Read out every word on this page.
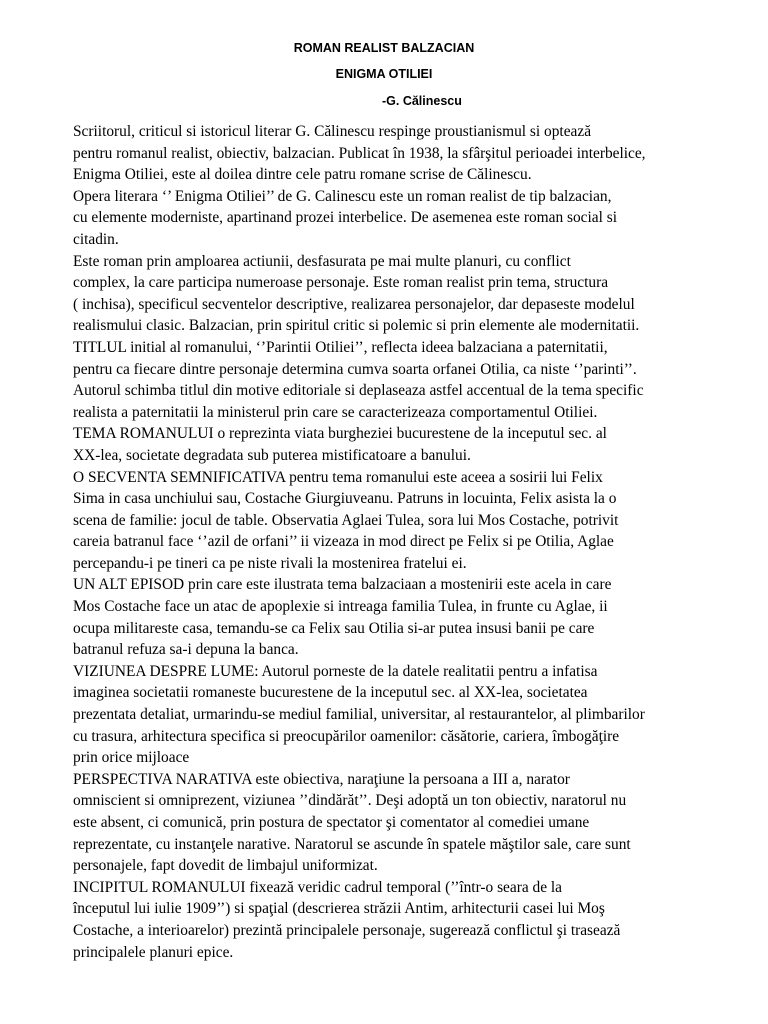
ROMAN REALIST BALZACIAN
ENIGMA OTILIEI
-G. Călinescu

Scriitorul, criticul si istoricul literar G. Călinescu respinge proustianismul si optează
pentru romanul realist, obiectiv, balzacian. Publicat în 1938, la sfârşitul perioadei interbelice,
Enigma Otiliei, este al doilea dintre cele patru romane scrise de Călinescu.

Opera literara ‘’ Enigma Otiliei’’ de G. Calinescu este un roman realist de tip balzacian,
cu elemente moderniste, apartinand prozei interbelice. De asemenea este roman social si
citadin.

Este roman prin amploarea actiunii, desfasurata pe mai multe planuri, cu conflict
complex, la care participa numeroase personaje. Este roman realist prin tema, structura
( inchisa), specificul secventelor descriptive, realizarea personajelor, dar depaseste modelul
realismului clasic. Balzacian, prin spiritul critic si polemic si prin elemente ale modernitatii.

TITLUL initial al romanului, ‘’Parintii Otiliei’’, reflecta ideea balzaciana a paternitatii,
pentru ca fiecare dintre personaje determina cumva soarta orfanei Otilia, ca niste ‘’parinti’’.
Autorul schimba titlul din motive editoriale si deplaseaza astfel accentual de la tema specific
realista a paternitatii la ministerul prin care se caracterizeaza comportamentul Otiliei.

TEMA ROMANULUI o reprezinta viata burgheziei bucurestene de la inceputul sec. al
XX-lea, societate degradata sub puterea mistificatoare a banului.

O SECVENTA SEMNIFICATIVA pentru tema romanului este aceea a sosirii lui Felix
Sima in casa unchiului sau, Costache Giurgiuveanu. Patruns in locuinta, Felix asista la o
scena de familie: jocul de table. Observatia Aglaei Tulea, sora lui Mos Costache, potrivit
careia batranul face ‘’azil de orfani’’ ii vizeaza in mod direct pe Felix si pe Otilia, Aglae
percepandu-i pe tineri ca pe niste rivali la mostenirea fratelui ei.

UN ALT EPISOD prin care este ilustrata tema balzaciaan a mostenirii este acela in care
Mos Costache face un atac de apoplexie si intreaga familia Tulea, in frunte cu Aglae, ii
ocupa militareste casa, temandu-se ca Felix sau Otilia si-ar putea insusi banii pe care
batranul refuza sa-i depuna la banca.

VIZIUNEA DESPRE LUME: Autorul porneste de la datele realitatii pentru a infatisa
imaginea societatii romaneste bucurestene de la inceputul sec. al XX-lea, societatea
prezentata detaliat, urmarindu-se mediul familial, universitar, al restaurantelor, al plimbarilor
cu trasura, arhitectura specifica si preocupărilor oamenilor: căsătorie, cariera, îmbogăţire
prin orice mijloace

PERSPECTIVA NARATIVA este obiectiva, naraţiune la persoana a III a, narator
omniscient si omniprezent, viziunea ’’dindărăt’’. Deşi adoptă un ton obiectiv, naratorul nu
este absent, ci comunică, prin postura de spectator şi comentator al comediei umane
reprezentate, cu instanţele narative. Naratorul se ascunde în spatele măştilor sale, care sunt
personajele, fapt dovedit de limbajul uniformizat.

INCIPITUL ROMANULUI fixează veridic cadrul temporal (’’într-o seara de la
începutul lui iulie 1909’’) si spaţial (descrierea străzii Antim, arhitecturii casei lui Moş
Costache, a interioarelor) prezintă principalele personaje, sugerează conflictul şi trasează
principalele planuri epice.
